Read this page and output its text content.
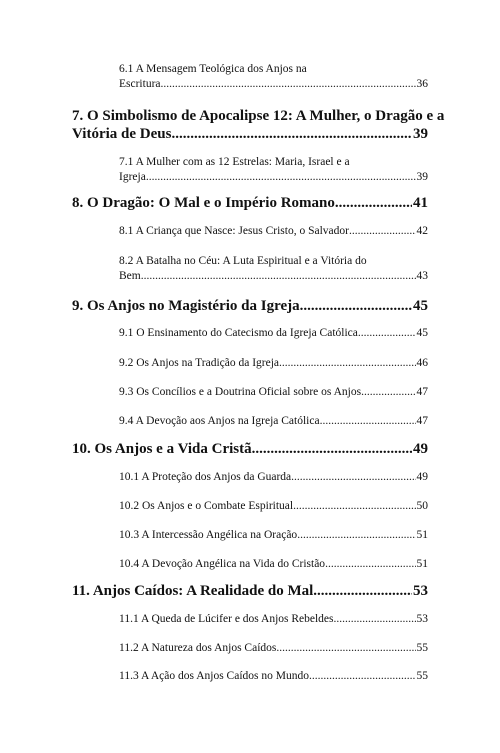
6.1 A Mensagem Teológica dos Anjos na
Escritura .....	36
7. O Simbolismo de Apocalipse 12: A Mulher, o Dragão e a
Vitória de Deus .....	39
7.1 A Mulher com as 12 Estrelas: Maria, Israel e a
Igreja .....	39
8. O Dragão: O Mal e o Império Romano .....	41
8.1 A Criança que Nasce: Jesus Cristo, o Salvador .....	42
8.2 A Batalha no Céu: A Luta Espiritual e a Vitória do
Bem .....	43
9. Os Anjos no Magistério da Igreja .....	45
9.1 O Ensinamento do Catecismo da Igreja Católica .....	45
9.2 Os Anjos na Tradição da Igreja .....	46
9.3 Os Concílios e a Doutrina Oficial sobre os Anjos .....	47
9.4 A Devoção aos Anjos na Igreja Católica .....	47
10. Os Anjos e a Vida Cristã .....	49
10.1 A Proteção dos Anjos da Guarda .....	49
10.2 Os Anjos e o Combate Espiritual .....	50
10.3 A Intercessão Angélica na Oração .....	51
10.4 A Devoção Angélica na Vida do Cristão .....	51
11. Anjos Caídos: A Realidade do Mal .....	53
11.1 A Queda de Lúcifer e dos Anjos Rebeldes .....	53
11.2 A Natureza dos Anjos Caídos .....	55
11.3 A Ação dos Anjos Caídos no Mundo .....	55
